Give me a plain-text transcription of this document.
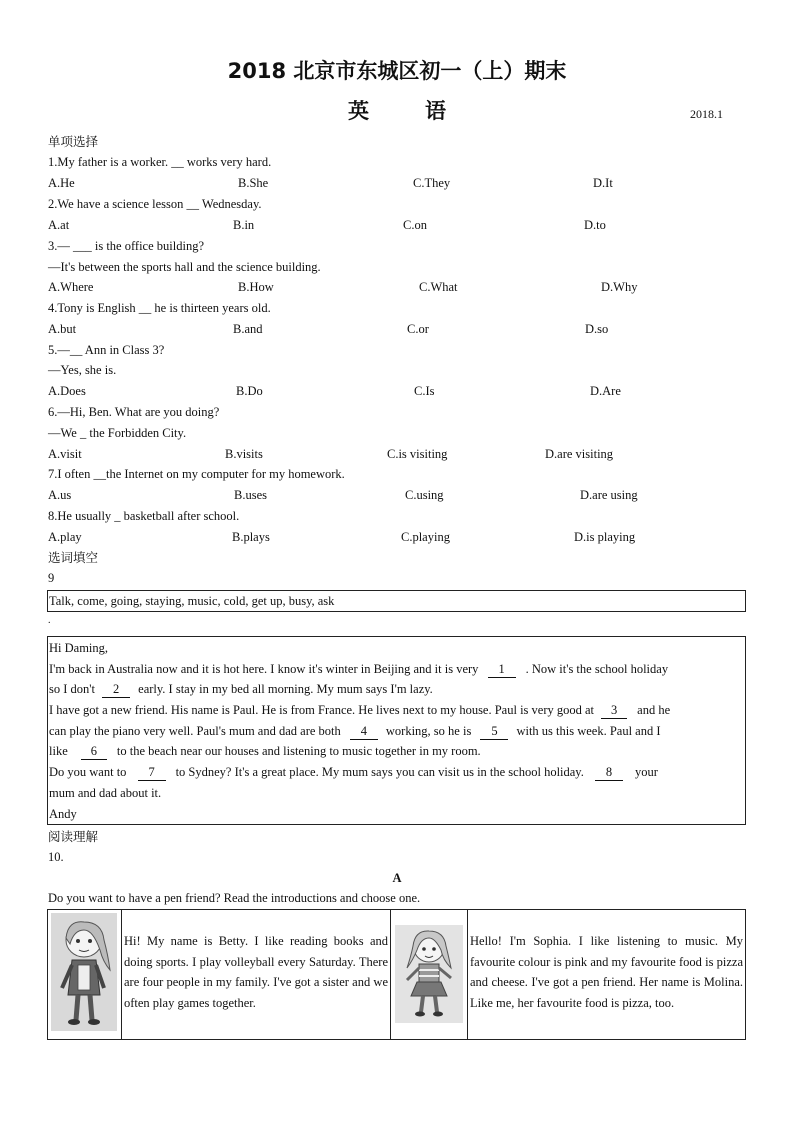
2018 北京市东城区初一（上）期末
英	语	2018.1
单项选择
1.My father is a worker. __ works very hard.
A.He	B.She	C.They	D.It
2.We have a science lesson __ Wednesday.
A.at	B.in	C.on	D.to
3.— ___ is the office building?
—It's between the sports hall and the science building.
A.Where	B.How	C.What	D.Why
4.Tony is English __ he is thirteen years old.
A.but	B.and	C.or	D.so
5.—__ Ann in Class 3?
—Yes, she is.
A.Does	B.Do	C.Is	D.Are
6.—Hi, Ben. What are you doing?
—We _ the Forbidden City.
A.visit	B.visits	C.is visiting	D.are visiting
7.I often __the Internet on my computer for my homework.
A.us	B.uses	C.using	D.are using
8.He usually _ basketball after school.
A.play	B.plays	C.playing	D.is playing
选词填空
9
Talk, come, going, staying, music, cold, get up, busy, ask
.
Hi Daming,
I'm back in Australia now and it is hot here. I know it's winter in Beijing and it is very 1 . Now it's the school holiday
so I don't 2 early. I stay in my bed all morning. My mum says I'm lazy.
I have got a new friend. His name is Paul. He is from France. He lives next to my house. Paul is very good at 3 and he
can play the piano very well. Paul's mum and dad are both 4 working, so he is 5 with us this week. Paul and I
like 6 to the beach near our houses and listening to music together in my room.
Do you want to 7 to Sydney? It's a great place. My mum says you can visit us in the school holiday. 8 your
mum and dad about it.
Andy
阅读理解
10.
A
Do you want to have a pen friend? Read the introductions and choose one.

Hi! My name is Betty. I like reading books and doing sports. I play volleyball every Saturday. There are four people in my family. I've got a sister and we often play games together.

Hello! I'm Sophia. I like listening to music. My favourite colour is pink and my favourite food is pizza and cheese. I've got a pen friend. Her name is Molina. Like me, her favourite food is pizza, too.
